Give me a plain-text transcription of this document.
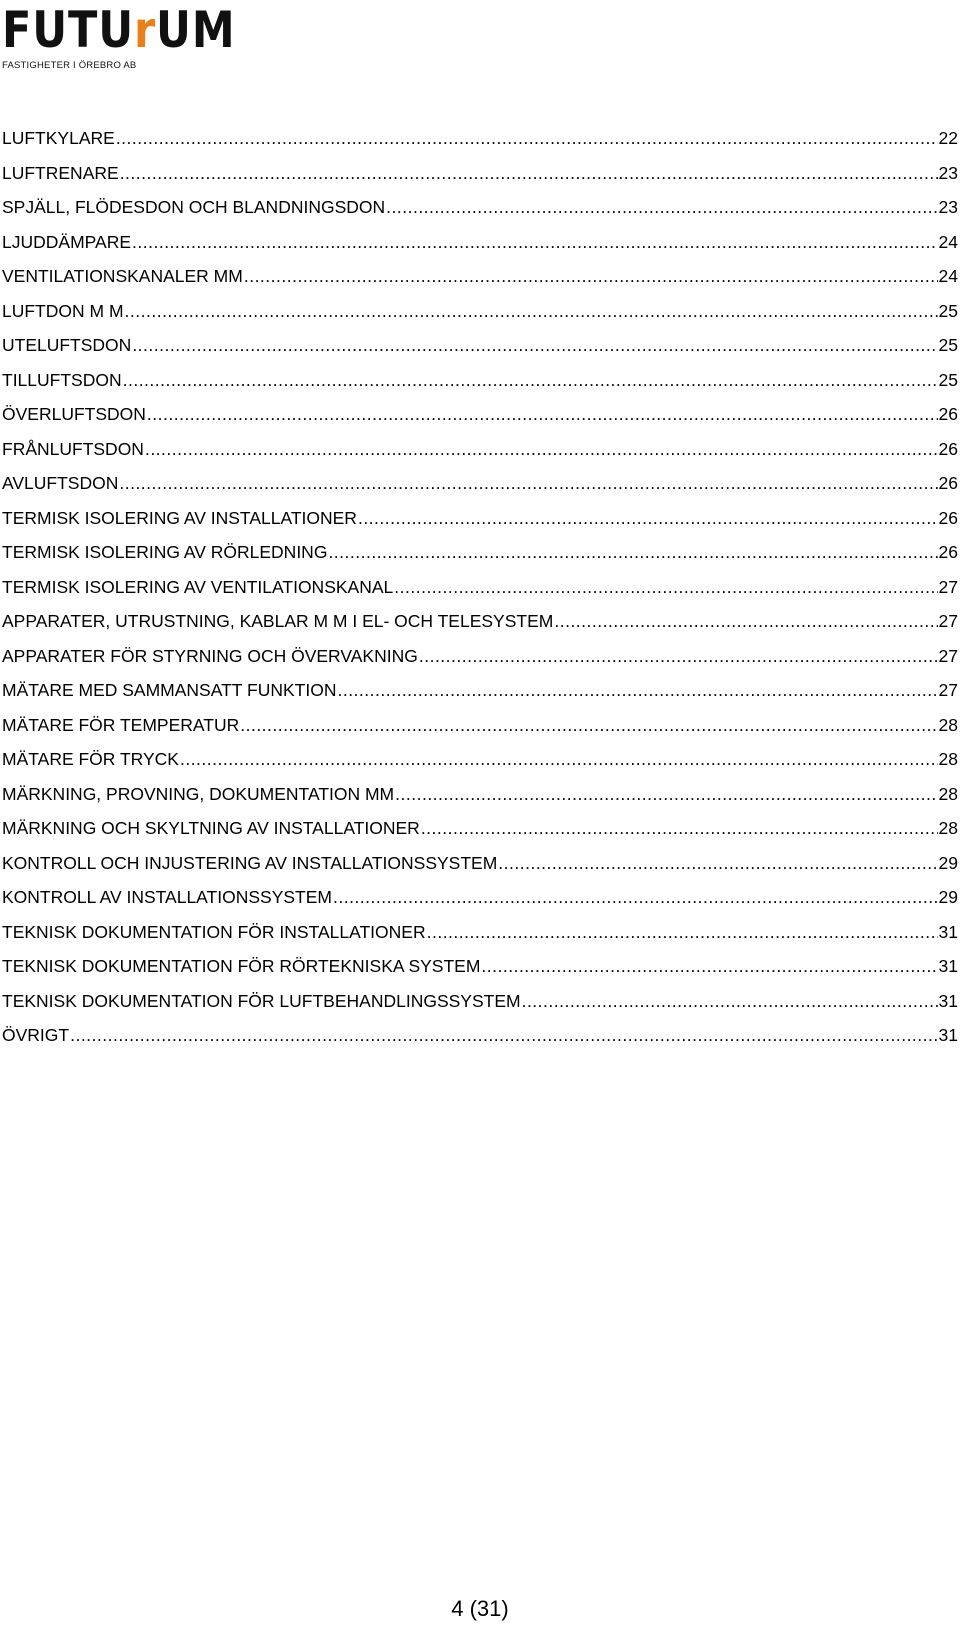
FUTU r UM
FASTIGHETER I ÖREBRO AB
LUFTKYLARE .....	22
LUFTRENARE .....	23
SPJÄLL, FLÖDESDON OCH BLANDNINGSDON .....	23
LJUDDÄMPARE .....	24
VENTILATIONSKANALER MM .....	24
LUFTDON M M .....	25
UTELUFTSDON .....	25
TILLUFTSDON .....	25
ÖVERLUFTSDON .....	26
FRÅNLUFTSDON .....	26
AVLUFTSDON .....	26
TERMISK ISOLERING AV INSTALLATIONER .....	26
TERMISK ISOLERING AV RÖRLEDNING .....	26
TERMISK ISOLERING AV VENTILATIONSKANAL .....	27
APPARATER, UTRUSTNING, KABLAR M M I EL- OCH TELESYSTEM .....	27
APPARATER FÖR STYRNING OCH ÖVERVAKNING .....	27
MÄTARE MED SAMMANSATT FUNKTION .....	27
MÄTARE FÖR TEMPERATUR .....	28
MÄTARE FÖR TRYCK .....	28
MÄRKNING, PROVNING, DOKUMENTATION MM .....	28
MÄRKNING OCH SKYLTNING AV INSTALLATIONER .....	28
KONTROLL OCH INJUSTERING AV INSTALLATIONSSYSTEM .....	29
KONTROLL AV INSTALLATIONSSYSTEM .....	29
TEKNISK DOKUMENTATION FÖR INSTALLATIONER .....	31
TEKNISK DOKUMENTATION FÖR RÖRTEKNISKA SYSTEM .....	31
TEKNISK DOKUMENTATION FÖR LUFTBEHANDLINGSSYSTEM .....	31
ÖVRIGT .....	31
4 (31)
